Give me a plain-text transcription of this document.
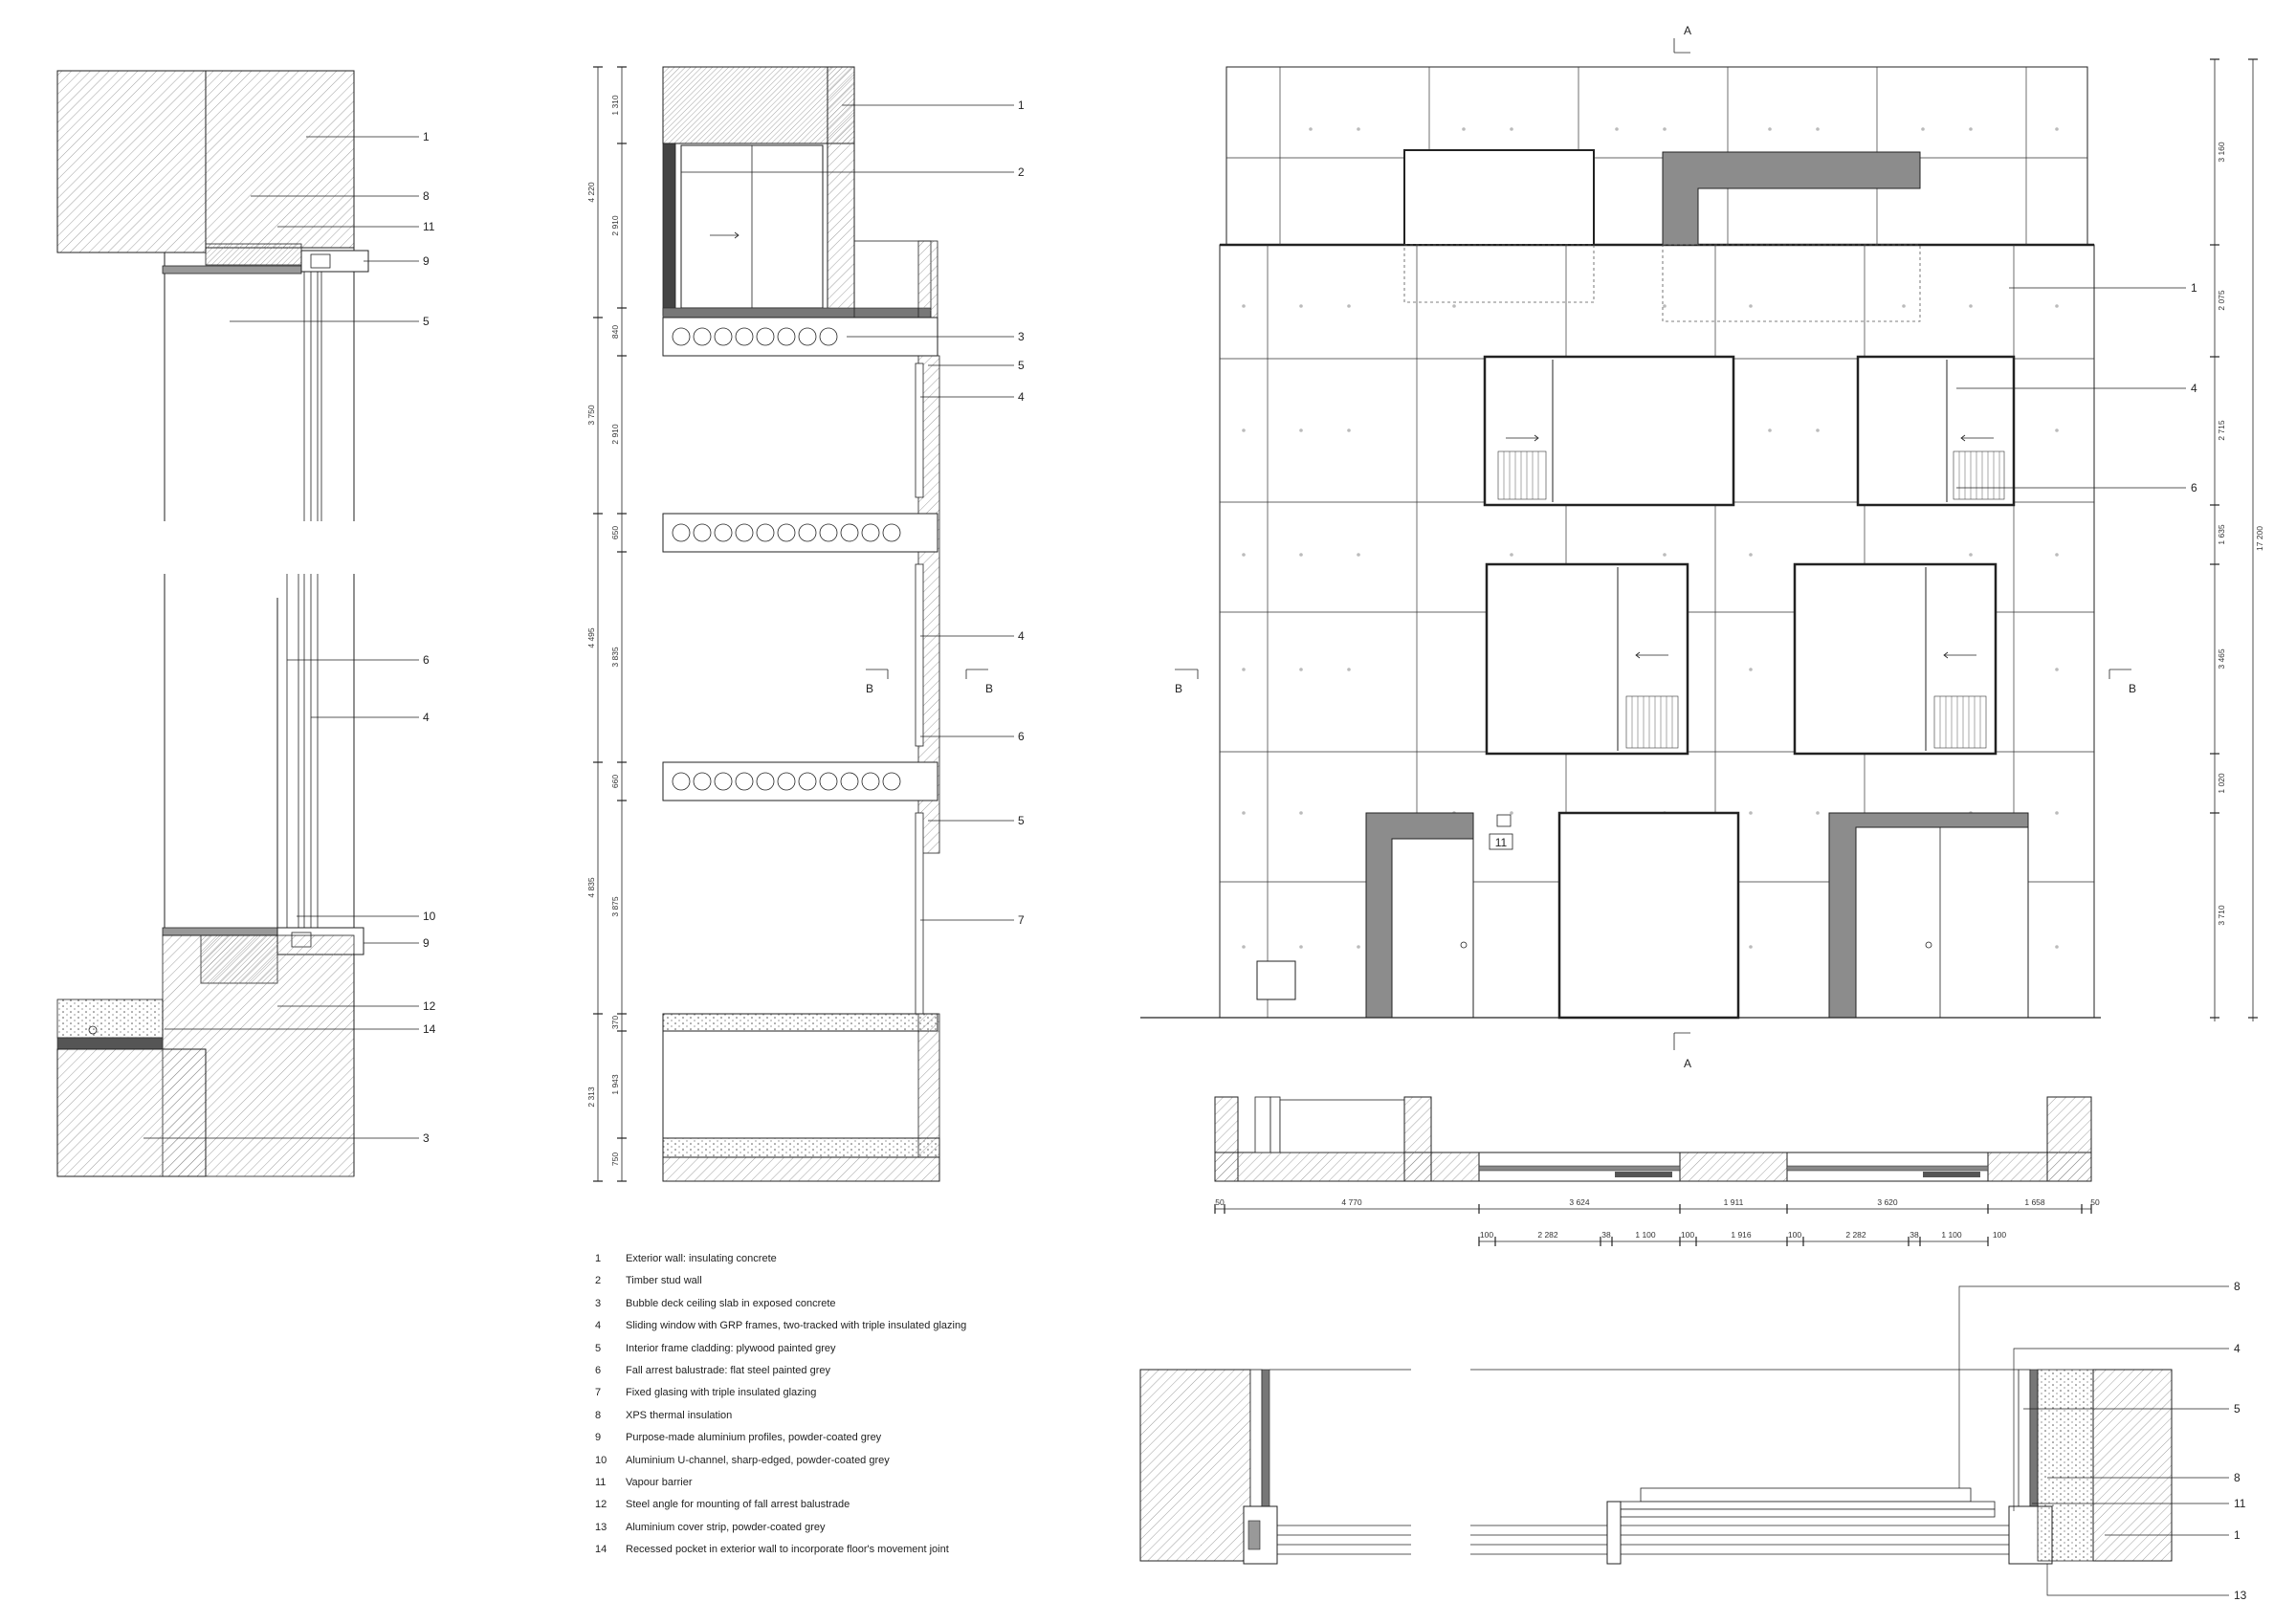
1
8
11
9
5
6
4
10
9
12
14
3
1
2
3
5
4
4
6
5
7
B	B
4 220
3 750
4 495
4 835
2 313
1 310
2 910
840
2 910
650
3 835
660
3 875
370
1 943
750
11
A
A
B	B
1
4
6
3 160
2 075
2 715
1 635
3 465
1 020
3 710
17 200
50	4 770	3 624	1 911	3 620	1 658	50
100	2 282	38	1 100	100	1 916	100	2 282	38	1 100	100
8
4
5
8
11
1
13
1	Exterior wall: insulating concrete
2	Timber stud wall
3	Bubble deck ceiling slab in exposed concrete
4	Sliding window with GRP frames, two-tracked with triple insulated glazing
5	Interior frame cladding: plywood painted grey
6	Fall arrest balustrade: flat steel painted grey
7	Fixed glasing with triple insulated glazing
8	XPS thermal insulation
9	Purpose-made aluminium profiles, powder-coated grey
10	Aluminium U-channel, sharp-edged, powder-coated grey
11	Vapour barrier
12	Steel angle for mounting of fall arrest balustrade
13	Aluminium cover strip, powder-coated grey
14	Recessed pocket in exterior wall to incorporate floor's movement joint
